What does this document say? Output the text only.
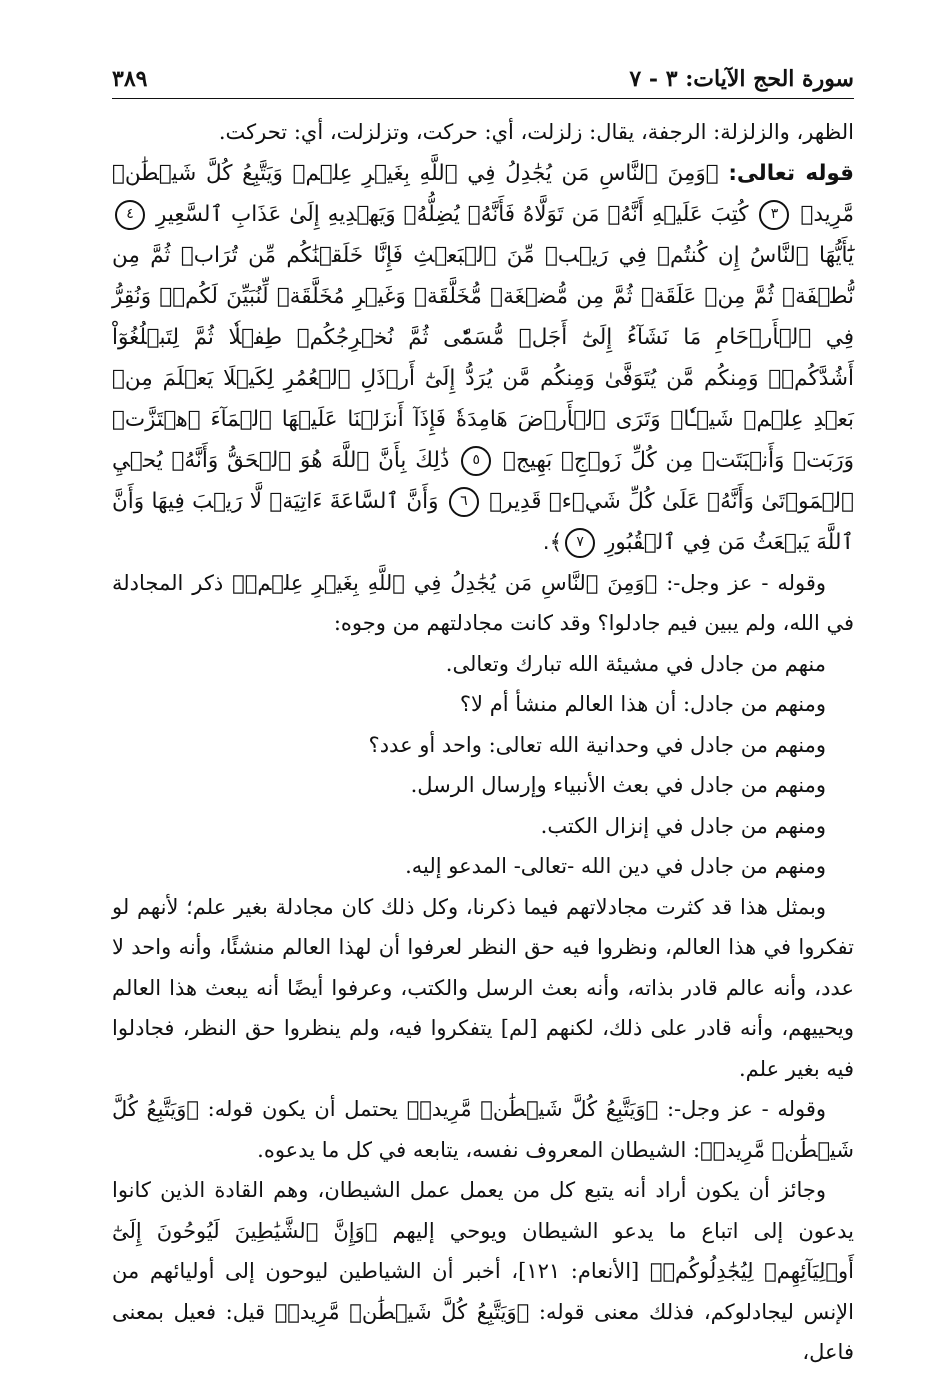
سورة الحج الآيات: ٣ - ٧
٣٨٩

الظهر، والزلزلة: الرجفة، يقال: زلزلت، أي: حركت، وتزلزلت، أي: تحركت.

قوله تعالى: ﴿وَمِنَ ٱلنَّاسِ مَن يُجَٰدِلُ فِي ٱللَّهِ بِغَيۡرِ عِلۡمٖ وَيَتَّبِعُ كُلَّ شَيۡطَٰنٖ مَّرِيدٖ ٣ كُتِبَ عَلَيۡهِ أَنَّهُۥ مَن تَوَلَّاهُ فَأَنَّهُۥ يُضِلُّهُۥ وَيَهۡدِيهِ إِلَىٰ عَذَابِ ٱلسَّعِيرِ ٤ يَٰٓأَيُّهَا ٱلنَّاسُ إِن كُنتُمۡ فِي رَيۡبٖ مِّنَ ٱلۡبَعۡثِ فَإِنَّا خَلَقۡنَٰكُم مِّن تُرَابٖ ثُمَّ مِن نُّطۡفَةٖ ثُمَّ مِنۡ عَلَقَةٖ ثُمَّ مِن مُّضۡغَةٖ مُّخَلَّقَةٖ وَغَيۡرِ مُخَلَّقَةٖ لِّنُبَيِّنَ لَكُمۡۚ وَنُقِرُّ فِي ٱلۡأَرۡحَامِ مَا نَشَآءُ إِلَىٰٓ أَجَلٖ مُّسَمّٗى ثُمَّ نُخۡرِجُكُمۡ طِفۡلٗا ثُمَّ لِتَبۡلُغُوٓاْ أَشُدَّكُمۡۖ وَمِنكُم مَّن يُتَوَفَّىٰ وَمِنكُم مَّن يُرَدُّ إِلَىٰٓ أَرۡذَلِ ٱلۡعُمُرِ لِكَيۡلَا يَعۡلَمَ مِنۢ بَعۡدِ عِلۡمٖ شَيۡـٔٗاۚ وَتَرَى ٱلۡأَرۡضَ هَامِدَةٗ فَإِذَآ أَنزَلۡنَا عَلَيۡهَا ٱلۡمَآءَ ٱهۡتَزَّتۡ وَرَبَتۡ وَأَنۢبَتَتۡ مِن كُلِّ زَوۡجِۭ بَهِيجٖ ٥ ذَٰلِكَ بِأَنَّ ٱللَّهَ هُوَ ٱلۡحَقُّ وَأَنَّهُۥ يُحۡيِ ٱلۡمَوۡتَىٰ وَأَنَّهُۥ عَلَىٰ كُلِّ شَيۡءٖ قَدِيرٞ ٦ وَأَنَّ ٱلسَّاعَةَ ءَاتِيَةٞ لَّا رَيۡبَ فِيهَا وَأَنَّ ٱللَّهَ يَبۡعَثُ مَن فِي ٱلۡقُبُورِ ٧﴾.

وقوله - عز وجل-: ﴿وَمِنَ ٱلنَّاسِ مَن يُجَٰدِلُ فِي ٱللَّهِ بِغَيۡرِ عِلۡمٖ﴾ ذكر المجادلة في الله، ولم يبين فيم جادلوا؟ وقد كانت مجادلتهم من وجوه:

منهم من جادل في مشيئة الله تبارك وتعالى.

ومنهم من جادل: أن هذا العالم منشأ أم لا؟

ومنهم من جادل في وحدانية الله تعالى: واحد أو عدد؟

ومنهم من جادل في بعث الأنبياء وإرسال الرسل.

ومنهم من جادل في إنزال الكتب.

ومنهم من جادل في دين الله -تعالى- المدعو إليه.

وبمثل هذا قد كثرت مجادلاتهم فيما ذكرنا، وكل ذلك كان مجادلة بغير علم؛ لأنهم لو تفكروا في هذا العالم، ونظروا فيه حق النظر لعرفوا أن لهذا العالم منشئًا، وأنه واحد لا عدد، وأنه عالم قادر بذاته، وأنه بعث الرسل والكتب، وعرفوا أيضًا أنه يبعث هذا العالم ويحييهم، وأنه قادر على ذلك، لكنهم [لم] يتفكروا فيه، ولم ينظروا حق النظر، فجادلوا فيه بغير علم.

وقوله - عز وجل-: ﴿وَيَتَّبِعُ كُلَّ شَيۡطَٰنٖ مَّرِيدٖ﴾ يحتمل أن يكون قوله: ﴿وَيَتَّبِعُ كُلَّ شَيۡطَٰنٖ مَّرِيدٖ﴾: الشيطان المعروف نفسه، يتابعه في كل ما يدعوه.

وجائز أن يكون أراد أنه يتبع كل من يعمل عمل الشيطان، وهم القادة الذين كانوا يدعون إلى اتباع ما يدعو الشيطان ويوحي إليهم ﴿وَإِنَّ ٱلشَّيَٰطِينَ لَيُوحُونَ إِلَىٰٓ أَوۡلِيَآئِهِمۡ لِيُجَٰدِلُوكُمۡ﴾ [الأنعام: ١٢١]، أخبر أن الشياطين ليوحون إلى أوليائهم من الإنس ليجادلوكم، فذلك معنى قوله: ﴿وَيَتَّبِعُ كُلَّ شَيۡطَٰنٖ مَّرِيدٖ﴾ قيل: فعيل بمعنى فاعل،
